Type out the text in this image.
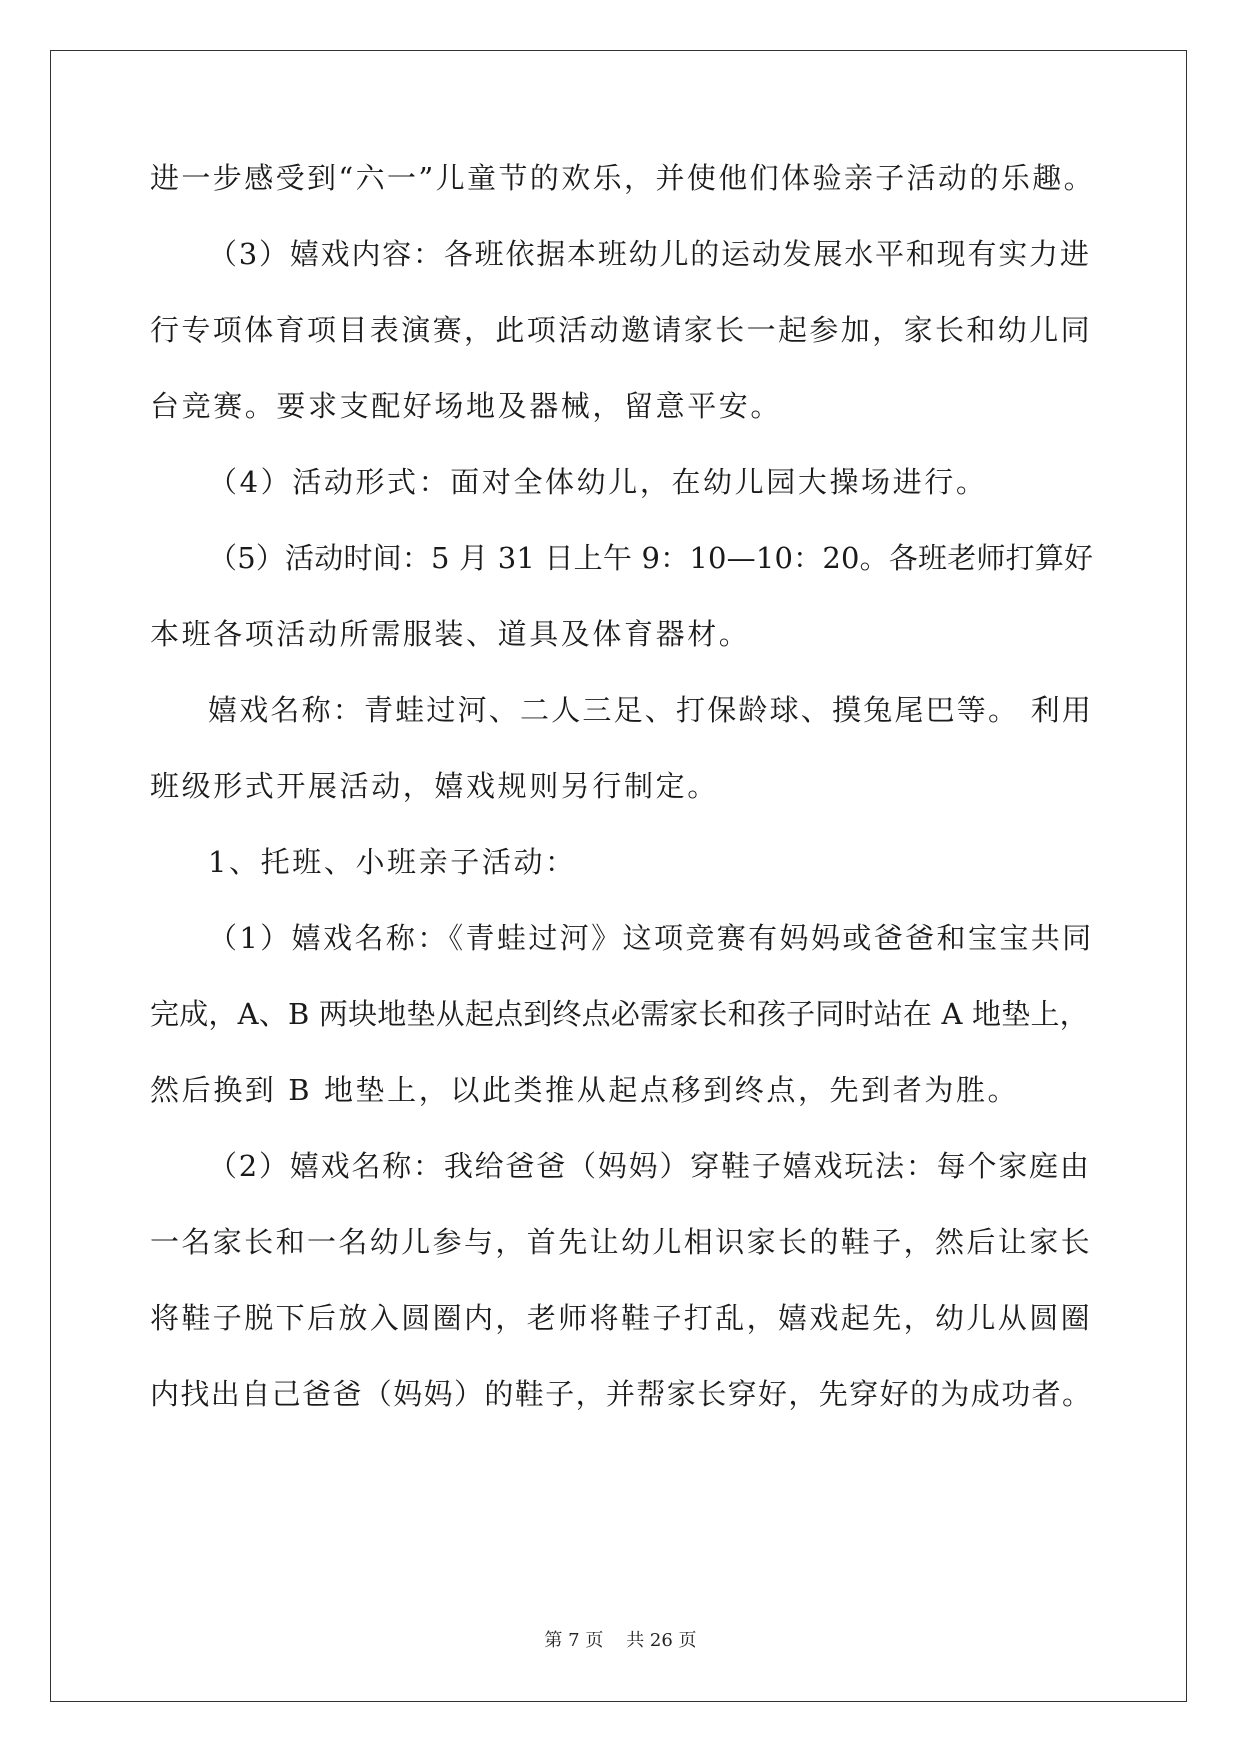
进一步感受到“六一”儿童节的欢乐，并使他们体验亲子活动的乐趣。
（3）嬉戏内容：各班依据本班幼儿的运动发展水平和现有实力进
行专项体育项目表演赛，此项活动邀请家长一起参加，家长和幼儿同
台竞赛。要求支配好场地及器械，留意平安。
（4）活动形式：面对全体幼儿，在幼儿园大操场进行。
（5）活动时间：5 月 31 日上午 9：10—10：20。各班老师打算好
本班各项活动所需服装、道具及体育器材。
嬉戏名称：青蛙过河、二人三足、打保龄球、摸兔尾巴等。 利用
班级形式开展活动，嬉戏规则另行制定。
1、托班、小班亲子活动：
（1）嬉戏名称：《青蛙过河》这项竞赛有妈妈或爸爸和宝宝共同
完成，A、B 两块地垫从起点到终点必需家长和孩子同时站在 A 地垫上，
然后换到 B 地垫上，以此类推从起点移到终点，先到者为胜。
（2）嬉戏名称：我给爸爸（妈妈）穿鞋子嬉戏玩法：每个家庭由
一名家长和一名幼儿参与，首先让幼儿相识家长的鞋子，然后让家长
将鞋子脱下后放入圆圈内，老师将鞋子打乱，嬉戏起先，幼儿从圆圈
内找出自己爸爸（妈妈）的鞋子，并帮家长穿好，先穿好的为成功者。
第 7 页    共 26 页
